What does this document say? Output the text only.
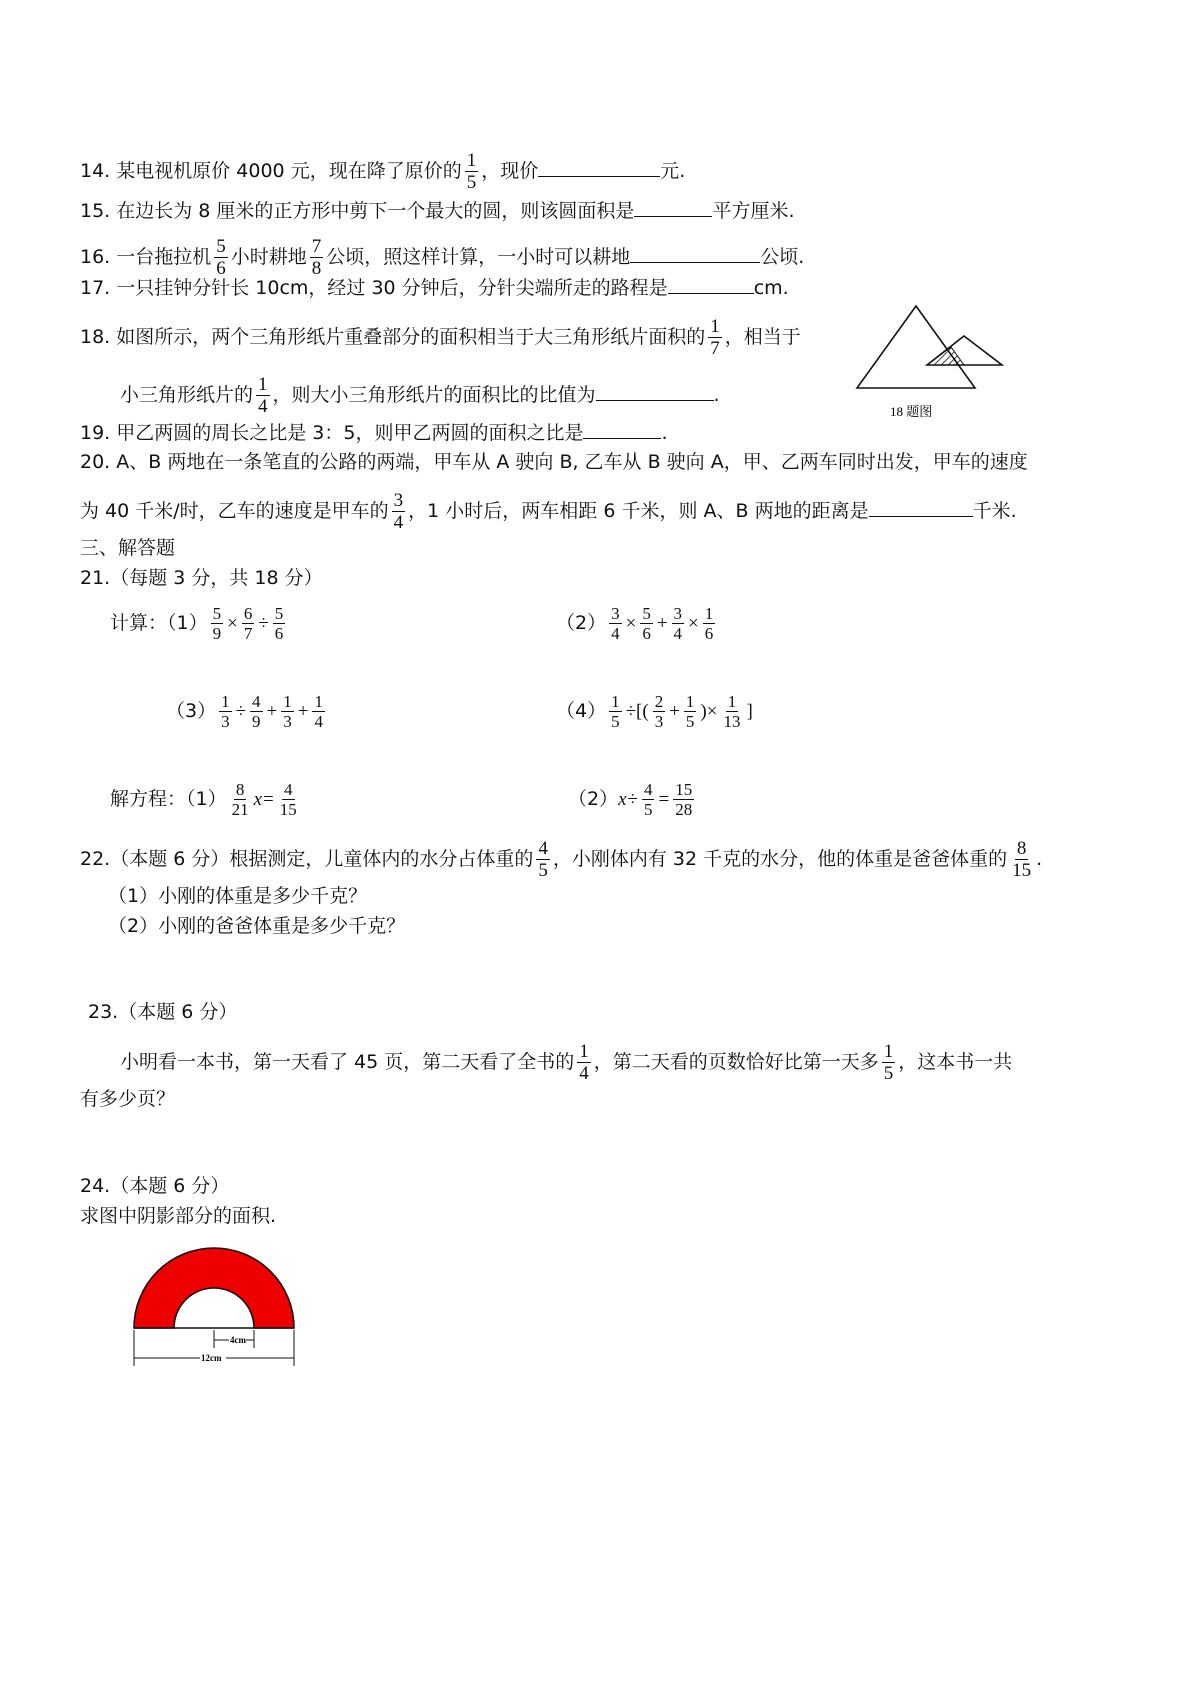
14. 某电视机原价 4000 元，现在降了原价的 $\frac{1}{5}$ ，现价	元.
15. 在边长为 8 厘米的正方形中剪下一个最大的圆，则该圆面积是	平方厘米.
16. 一台拖拉机 $\frac{5}{6}$ 小时耕地 $\frac{7}{8}$ 公顷，照这样计算，一小时可以耕地	公顷.
17. 一只挂钟分针长 10cm，经过 30 分钟后，分针尖端所走的路程是	cm.
18. 如图所示，两个三角形纸片重叠部分的面积相当于大三角形纸片面积的 $\frac{1}{7}$ ，相当于
小三角形纸片的 $\frac{1}{4}$ ，则大小三角形纸片的面积比的比值为	.
18 题图
19. 甲乙两圆的周长之比是 3：5，则甲乙两圆的面积之比是	.
20. A、B 两地在一条笔直的公路的两端，甲车从 A 驶向 B, 乙车从 B 驶向 A，甲、乙两车同时出发，甲车的速度
为 40 千米/时，乙车的速度是甲车的 $\frac{3}{4}$ ，1 小时后，两车相距 6 千米，则 A、B 两地的距离是	千米.
三、解答题
21.（每题 3 分，共 18 分）
计算：$(1) \frac{5}{9} \times \frac{6}{7} \div \frac{5}{6}$	$(2) \frac{3}{4} \times \frac{5}{6} + \frac{3}{4} \times \frac{1}{6}$
$(3) \frac{1}{3} \div \frac{4}{9} + \frac{1}{3} + \frac{1}{4}$	$(4) \frac{1}{5}$ ÷[( $\frac{2}{3} + \frac{1}{5}$ )× $\frac{1}{13}$ ]
解方程：$(1) \frac{8}{21} x= \frac{4}{15}$	$(2)x\div \frac{4}{5} = \frac{15}{28}$
22.（本题 6 分）根据测定，儿童体内的水分占体重的 $\frac{4}{5}$ ，小刚体内有 32 千克的水分，他的体重是爸爸体重的 $\frac{8}{15}$ .
（1）小刚的体重是多少千克？
（2）小刚的爸爸体重是多少千克？
23.（本题 6 分）
小明看一本书，第一天看了 45 页，第二天看了全书的 $\frac{1}{4}$ ，第二天看的页数恰好比第一天多 $\frac{1}{5}$ ，这本书一共
有多少页？
24.（本题 6 分）
求图中阴影部分的面积.
4cm
12cm
